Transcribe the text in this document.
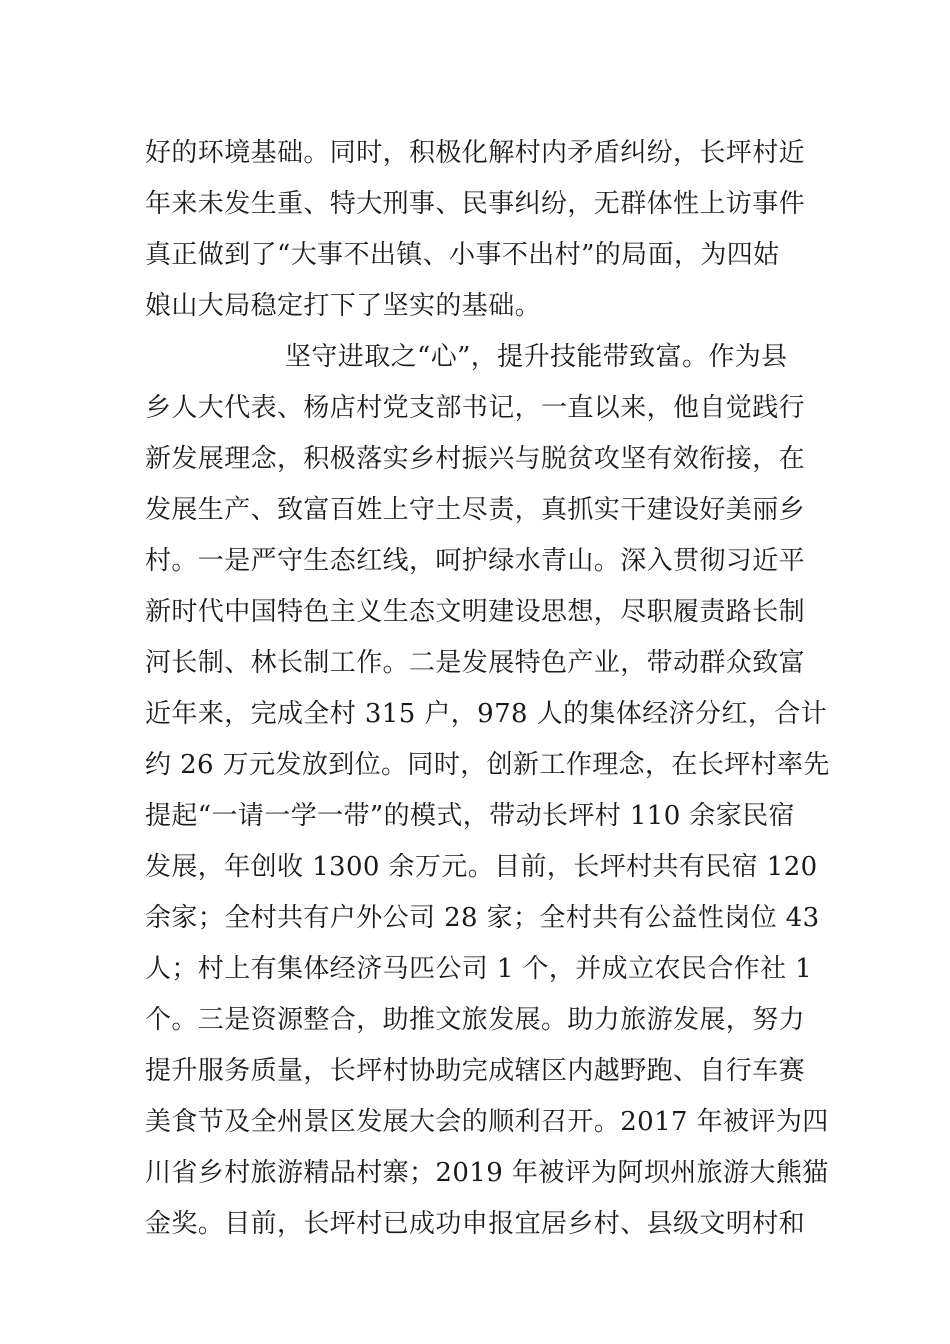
好的环境基础。同时，积极化解村内矛盾纠纷，长坪村近
年来未发生重、特大刑事、民事纠纷，无群体性上访事件
真正做到了“大事不出镇、小事不出村”的局面，为四姑
娘山大局稳定打下了坚实的基础。
坚守进取之“心”，提升技能带致富。作为县
乡人大代表、杨店村党支部书记，一直以来，他自觉践行
新发展理念，积极落实乡村振兴与脱贫攻坚有效衔接，在
发展生产、致富百姓上守土尽责，真抓实干建设好美丽乡
村。一是严守生态红线，呵护绿水青山。深入贯彻习近平
新时代中国特色主义生态文明建设思想，尽职履责路长制
河长制、林长制工作。二是发展特色产业，带动群众致富
近年来，完成全村 315 户，978 人的集体经济分红，合计
约 26 万元发放到位。同时，创新工作理念，在长坪村率先
提起“一请一学一带”的模式，带动长坪村 110 余家民宿
发展，年创收 1300 余万元。目前，长坪村共有民宿 120
余家；全村共有户外公司 28 家；全村共有公益性岗位 43
人；村上有集体经济马匹公司 1 个，并成立农民合作社 1
个。三是资源整合，助推文旅发展。助力旅游发展，努力
提升服务质量，长坪村协助完成辖区内越野跑、自行车赛
美食节及全州景区发展大会的顺利召开。2017 年被评为四
川省乡村旅游精品村寨；2019 年被评为阿坝州旅游大熊猫
金奖。目前，长坪村已成功申报宜居乡村、县级文明村和
